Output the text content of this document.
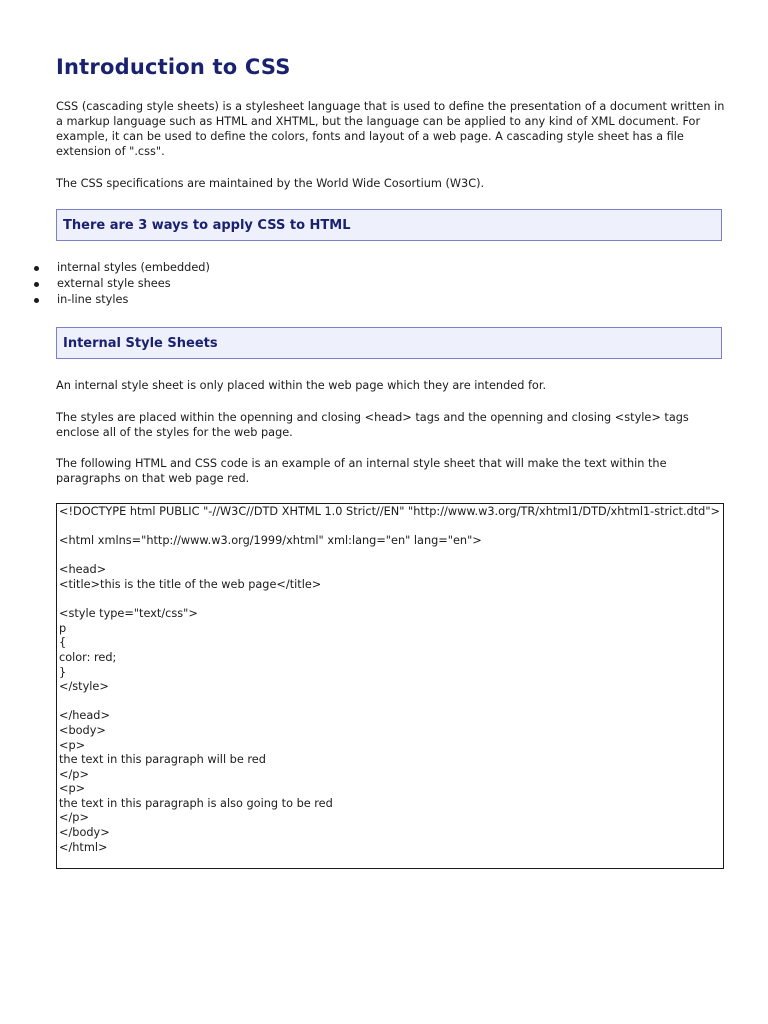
Introduction to CSS

CSS (cascading style sheets) is a stylesheet language that is used to define the presentation of a document written in a markup language such as HTML and XHTML, but the language can be applied to any kind of XML document. For example, it can be used to define the colors, fonts and layout of a web page. A cascading style sheet has a file extension of ".css".

The CSS specifications are maintained by the World Wide Cosortium (W3C).

There are 3 ways to apply CSS to HTML
internal styles (embedded)
external style shees
in-line styles
Internal Style Sheets

An internal style sheet is only placed within the web page which they are intended for.

The styles are placed within the openning and closing <head> tags and the openning and closing <style> tags enclose all of the styles for the web page.

The following HTML and CSS code is an example of an internal style sheet that will make the text within the paragraphs on that web page red.

<!DOCTYPE html PUBLIC "-//W3C//DTD XHTML 1.0 Strict//EN" "http://www.w3.org/TR/xhtml1/DTD/xhtml1-strict.dtd">
<html xmlns="http://www.w3.org/1999/xhtml" xml:lang="en" lang="en">
<head>
<title>this is the title of the web page</title>
<style type="text/css">
p
{
color: red;
}
</style>
</head>
<body>
<p>
the text in this paragraph will be red
</p>
<p>
the text in this paragraph is also going to be red
</p>
</body>
</html>
